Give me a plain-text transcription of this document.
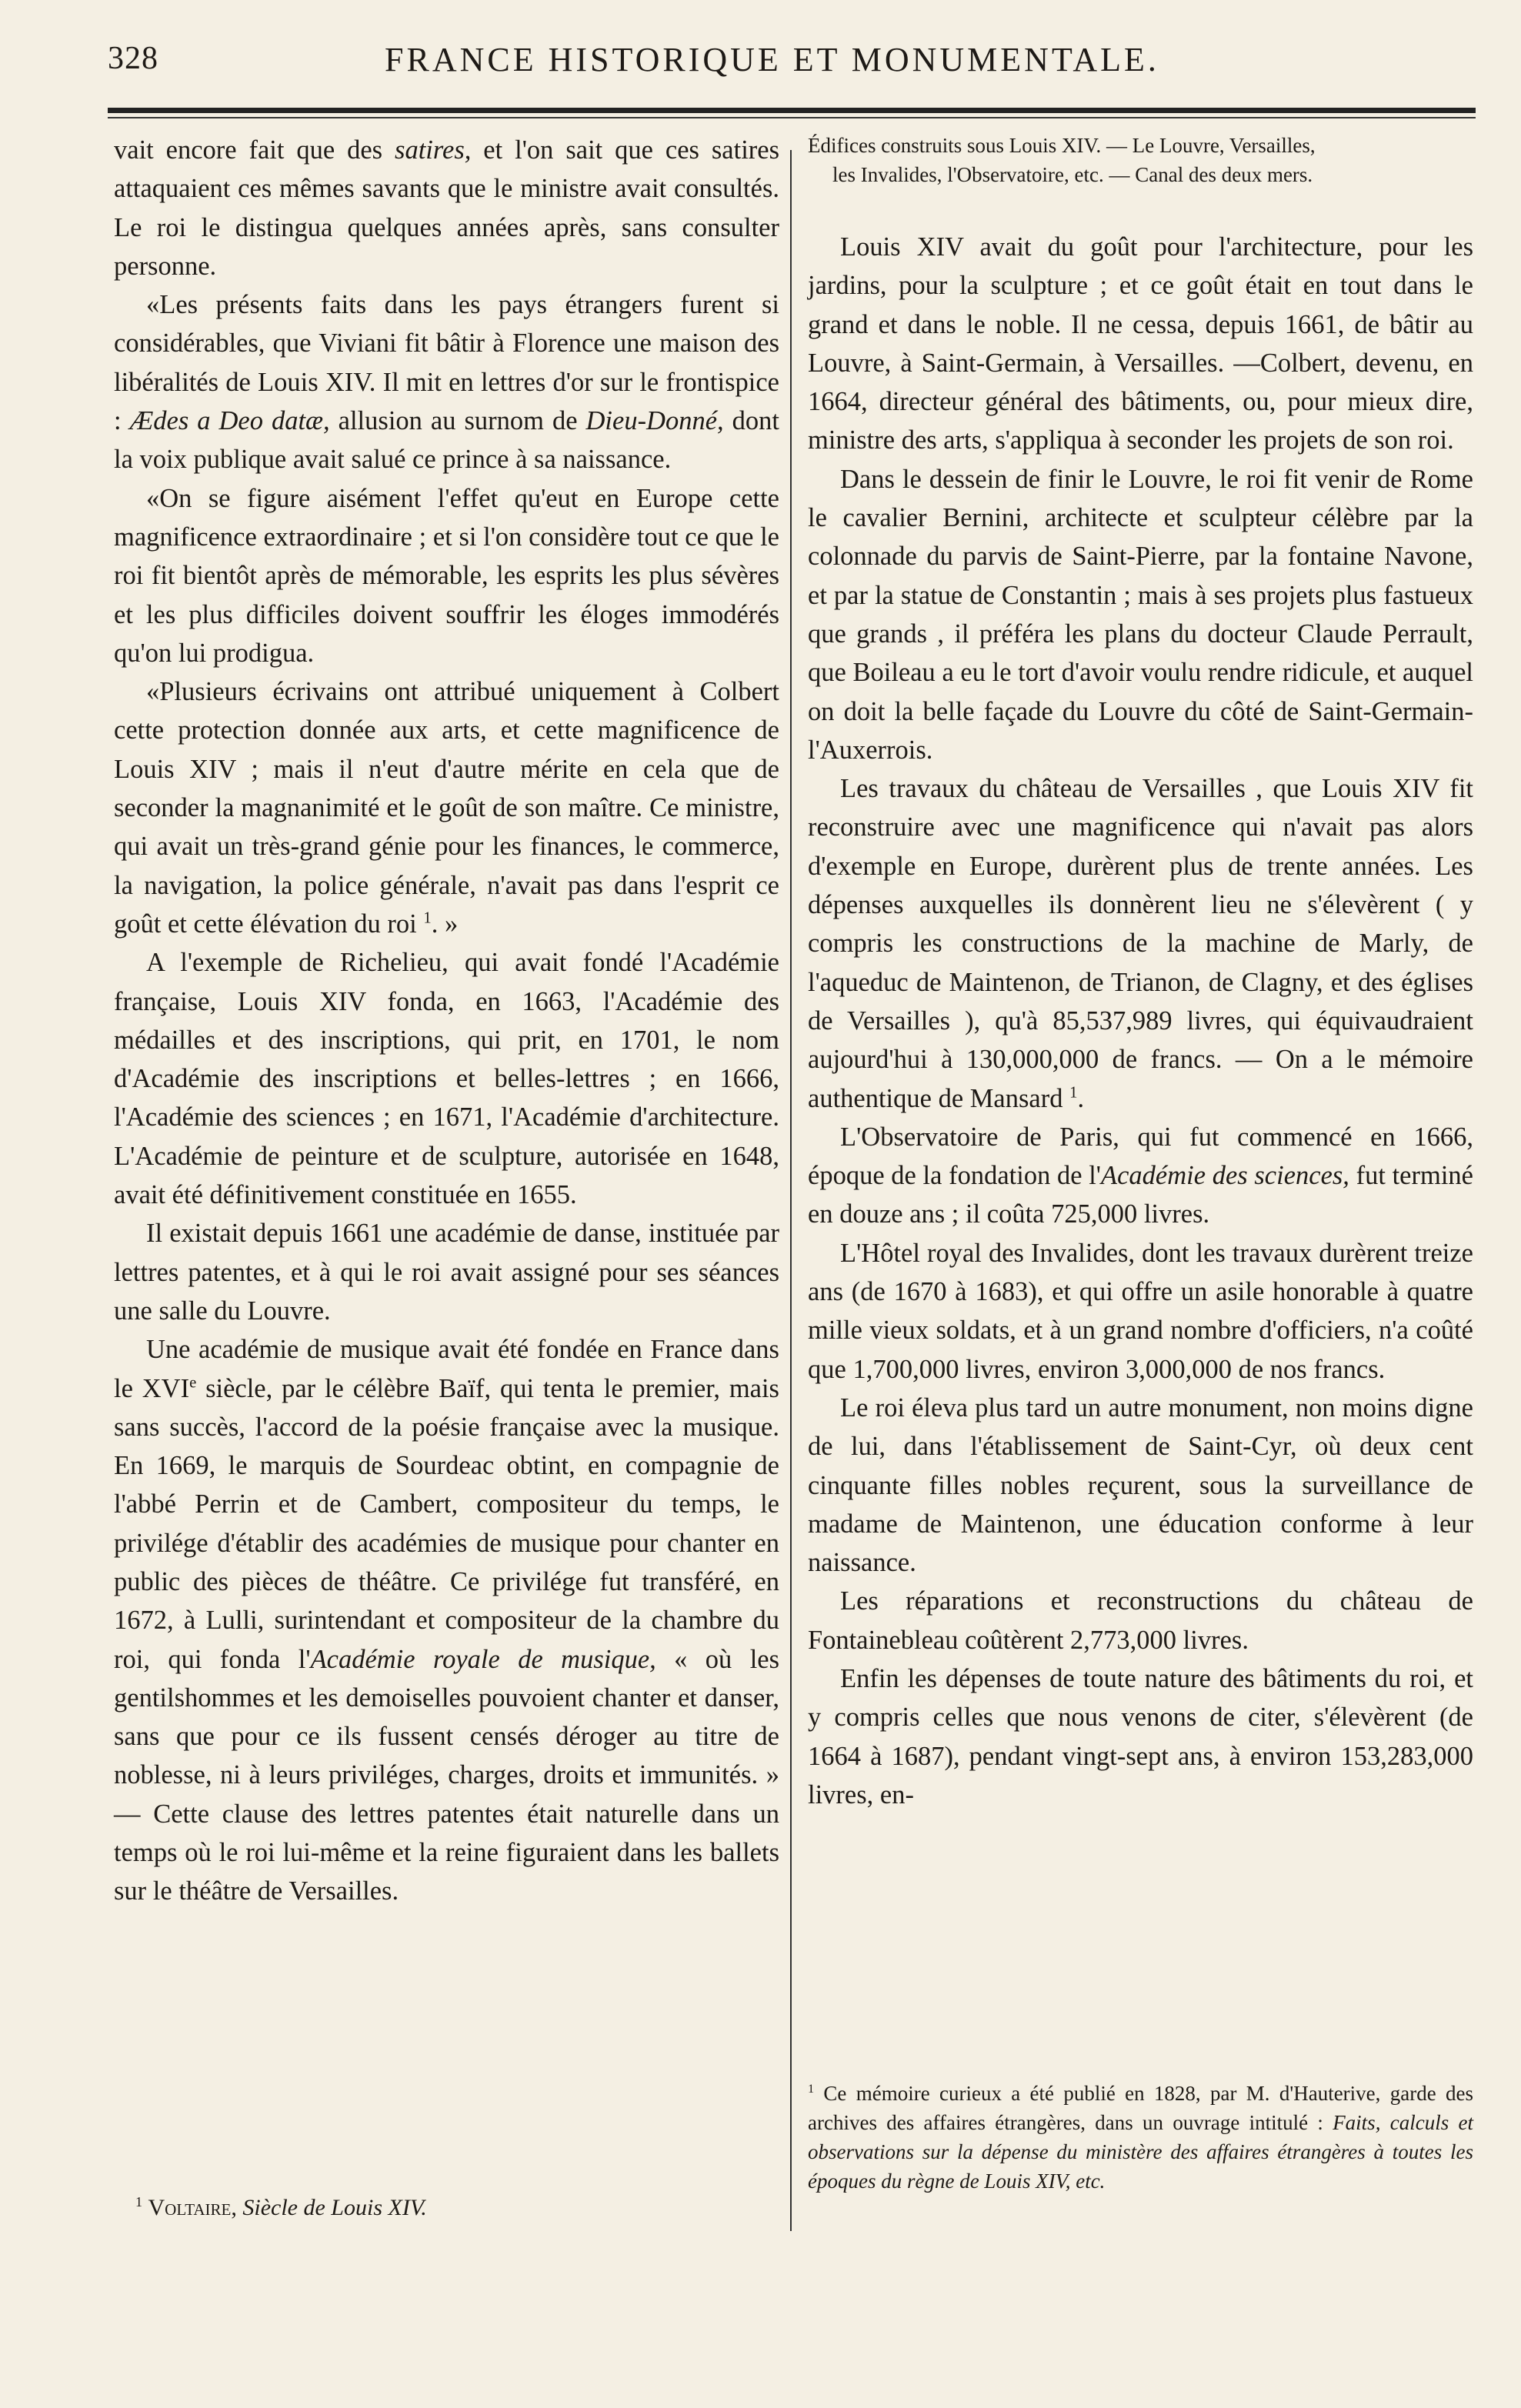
328	FRANCE HISTORIQUE ET MONUMENTALE.

vait encore fait que des satires, et l'on sait que ces satires attaquaient ces mêmes savants que le ministre avait consultés. Le roi le distingua quelques années après, sans consulter personne.

«Les présents faits dans les pays étrangers furent si considérables, que Viviani fit bâtir à Florence une maison des libéralités de Louis XIV. Il mit en lettres d'or sur le frontispice : Ædes a Deo datæ, allusion au surnom de Dieu-Donné, dont la voix publique avait salué ce prince à sa naissance.

«On se figure aisément l'effet qu'eut en Europe cette magnificence extraordinaire ; et si l'on considère tout ce que le roi fit bientôt après de mémorable, les esprits les plus sévères et les plus difficiles doivent souffrir les éloges immodérés qu'on lui prodigua.

«Plusieurs écrivains ont attribué uniquement à Colbert cette protection donnée aux arts, et cette magnificence de Louis XIV ; mais il n'eut d'autre mérite en cela que de seconder la magnanimité et le goût de son maître. Ce ministre, qui avait un très-grand génie pour les finances, le commerce, la navigation, la police générale, n'avait pas dans l'esprit ce goût et cette élévation du roi $^1$. »

A l'exemple de Richelieu, qui avait fondé l'Académie française, Louis XIV fonda, en 1663, l'Académie des médailles et des inscriptions, qui prit, en 1701, le nom d'Académie des inscriptions et belles-lettres ; en 1666, l'Académie des sciences ; en 1671, l'Académie d'architecture. L'Académie de peinture et de sculpture, autorisée en 1648, avait été définitivement constituée en 1655.

Il existait depuis 1661 une académie de danse, instituée par lettres patentes, et à qui le roi avait assigné pour ses séances une salle du Louvre.

Une académie de musique avait été fondée en France dans le XVIe siècle, par le célèbre Baïf, qui tenta le premier, mais sans succès, l'accord de la poésie française avec la musique. En 1669, le marquis de Sourdeac obtint, en compagnie de l'abbé Perrin et de Cambert, compositeur du temps, le privilége d'établir des académies de musique pour chanter en public des pièces de théâtre. Ce privilége fut transféré, en 1672, à Lulli, surintendant et compositeur de la chambre du roi, qui fonda l'Académie royale de musique, « où les gentilshommes et les demoiselles pouvoient chanter et danser, sans que pour ce ils fussent censés déroger au titre de noblesse, ni à leurs priviléges, charges, droits et immunités. » — Cette clause des lettres patentes était naturelle dans un temps où le roi lui-même et la reine figuraient dans les ballets sur le théâtre de Versailles.

$^1$ Voltaire, Siècle de Louis XIV.

Édifices construits sous Louis XIV. — Le Louvre, Versailles,
les Invalides, l'Observatoire, etc. — Canal des deux mers.

Louis XIV avait du goût pour l'architecture, pour les jardins, pour la sculpture ; et ce goût était en tout dans le grand et dans le noble. Il ne cessa, depuis 1661, de bâtir au Louvre, à Saint-Germain, à Versailles. —Colbert, devenu, en 1664, directeur général des bâtiments, ou, pour mieux dire, ministre des arts, s'appliqua à seconder les projets de son roi.

Dans le dessein de finir le Louvre, le roi fit venir de Rome le cavalier Bernini, architecte et sculpteur célèbre par la colonnade du parvis de Saint-Pierre, par la fontaine Navone, et par la statue de Constantin ; mais à ses projets plus fastueux que grands , il préféra les plans du docteur Claude Perrault, que Boileau a eu le tort d'avoir voulu rendre ridicule, et auquel on doit la belle façade du Louvre du côté de Saint-Germain-l'Auxerrois.

Les travaux du château de Versailles , que Louis XIV fit reconstruire avec une magnificence qui n'avait pas alors d'exemple en Europe, durèrent plus de trente années. Les dépenses auxquelles ils donnèrent lieu ne s'élevèrent ( y compris les constructions de la machine de Marly, de l'aqueduc de Maintenon, de Trianon, de Clagny, et des églises de Versailles ), qu'à 85,537,989 livres, qui équivaudraient aujourd'hui à 130,000,000 de francs. — On a le mémoire authentique de Mansard $^1$.

L'Observatoire de Paris, qui fut commencé en 1666, époque de la fondation de l'Académie des sciences, fut terminé en douze ans ; il coûta 725,000 livres.

L'Hôtel royal des Invalides, dont les travaux durèrent treize ans (de 1670 à 1683), et qui offre un asile honorable à quatre mille vieux soldats, et à un grand nombre d'officiers, n'a coûté que 1,700,000 livres, environ 3,000,000 de nos francs.

Le roi éleva plus tard un autre monument, non moins digne de lui, dans l'établissement de Saint-Cyr, où deux cent cinquante filles nobles reçurent, sous la surveillance de madame de Maintenon, une éducation conforme à leur naissance.

Les réparations et reconstructions du château de Fontainebleau coûtèrent 2,773,000 livres.

Enfin les dépenses de toute nature des bâtiments du roi, et y compris celles que nous venons de citer, s'élevèrent (de 1664 à 1687), pendant vingt-sept ans, à environ 153,283,000 livres, en-

$^1$ Ce mémoire curieux a été publié en 1828, par M. d'Hauterive, garde des archives des affaires étrangères, dans un ouvrage intitulé : Faits, calculs et observations sur la dépense du ministère des affaires étrangères à toutes les époques du règne de Louis XIV, etc.
